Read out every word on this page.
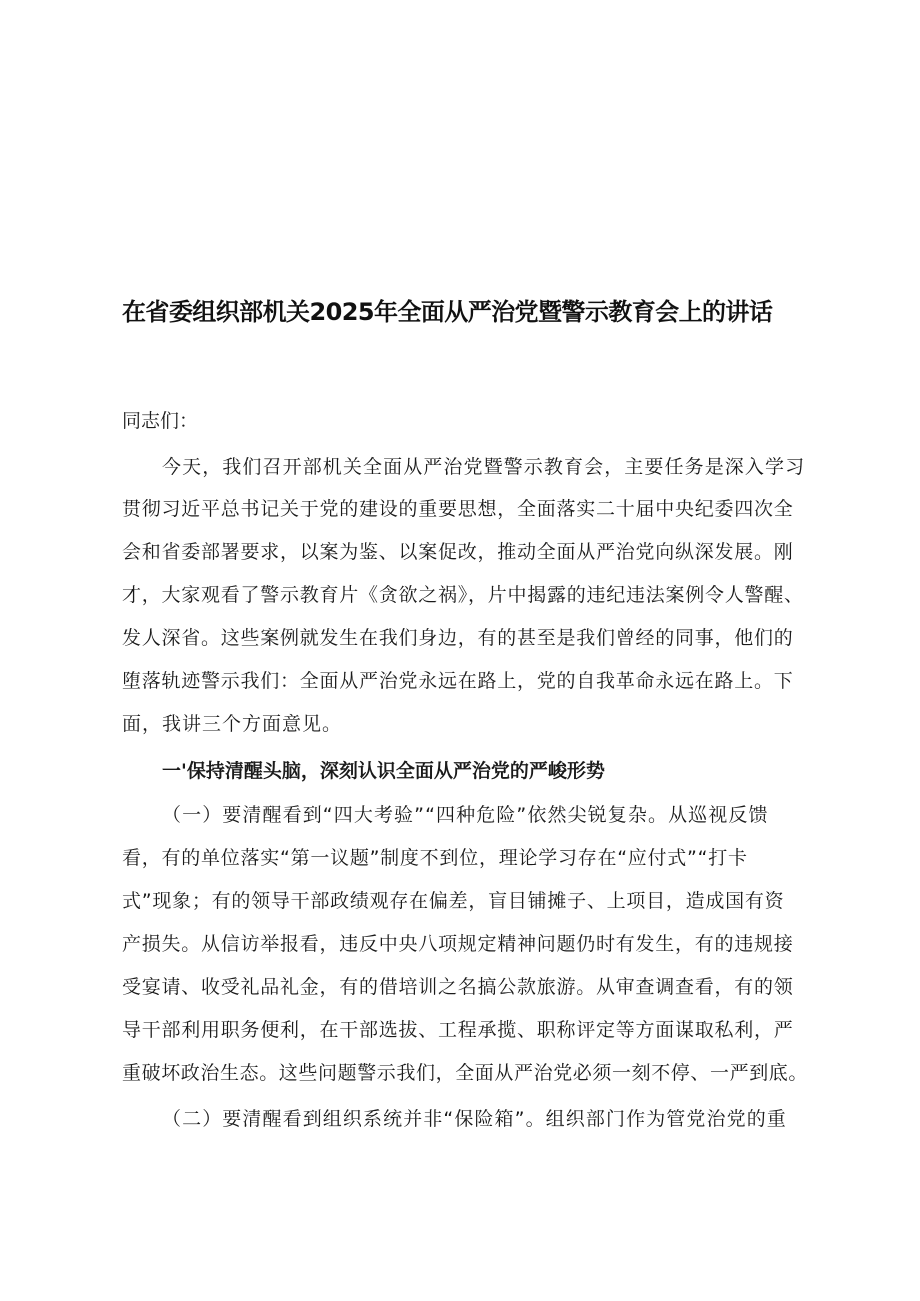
在省委组织部机关2025年全面从严治党暨警示教育会上的讲话
同志们：
今天，我们召开部机关全面从严治党暨警示教育会，主要任务是深入学习
贯彻习近平总书记关于党的建设的重要思想，全面落实二十届中央纪委四次全
会和省委部署要求，以案为鉴、以案促改，推动全面从严治党向纵深发展。刚
才，大家观看了警示教育片《贪欲之祸》，片中揭露的违纪违法案例令人警醒、
发人深省。这些案例就发生在我们身边，有的甚至是我们曾经的同事，他们的
堕落轨迹警示我们：全面从严治党永远在路上，党的自我革命永远在路上。下
面，我讲三个方面意见。
一'保持清醒头脑，深刻认识全面从严治党的严峻形势
（一）要清醒看到“四大考验”“四种危险”依然尖锐复杂。从巡视反馈
看，有的单位落实“第一议题”制度不到位，理论学习存在“应付式”“打卡
式”现象；有的领导干部政绩观存在偏差，盲目铺摊子、上项目，造成国有资
产损失。从信访举报看，违反中央八项规定精神问题仍时有发生，有的违规接
受宴请、收受礼品礼金，有的借培训之名搞公款旅游。从审查调查看，有的领
导干部利用职务便利，在干部选拔、工程承揽、职称评定等方面谋取私利，严
重破坏政治生态。这些问题警示我们，全面从严治党必须一刻不停、一严到底。
（二）要清醒看到组织系统并非“保险箱”。组织部门作为管党治党的重
